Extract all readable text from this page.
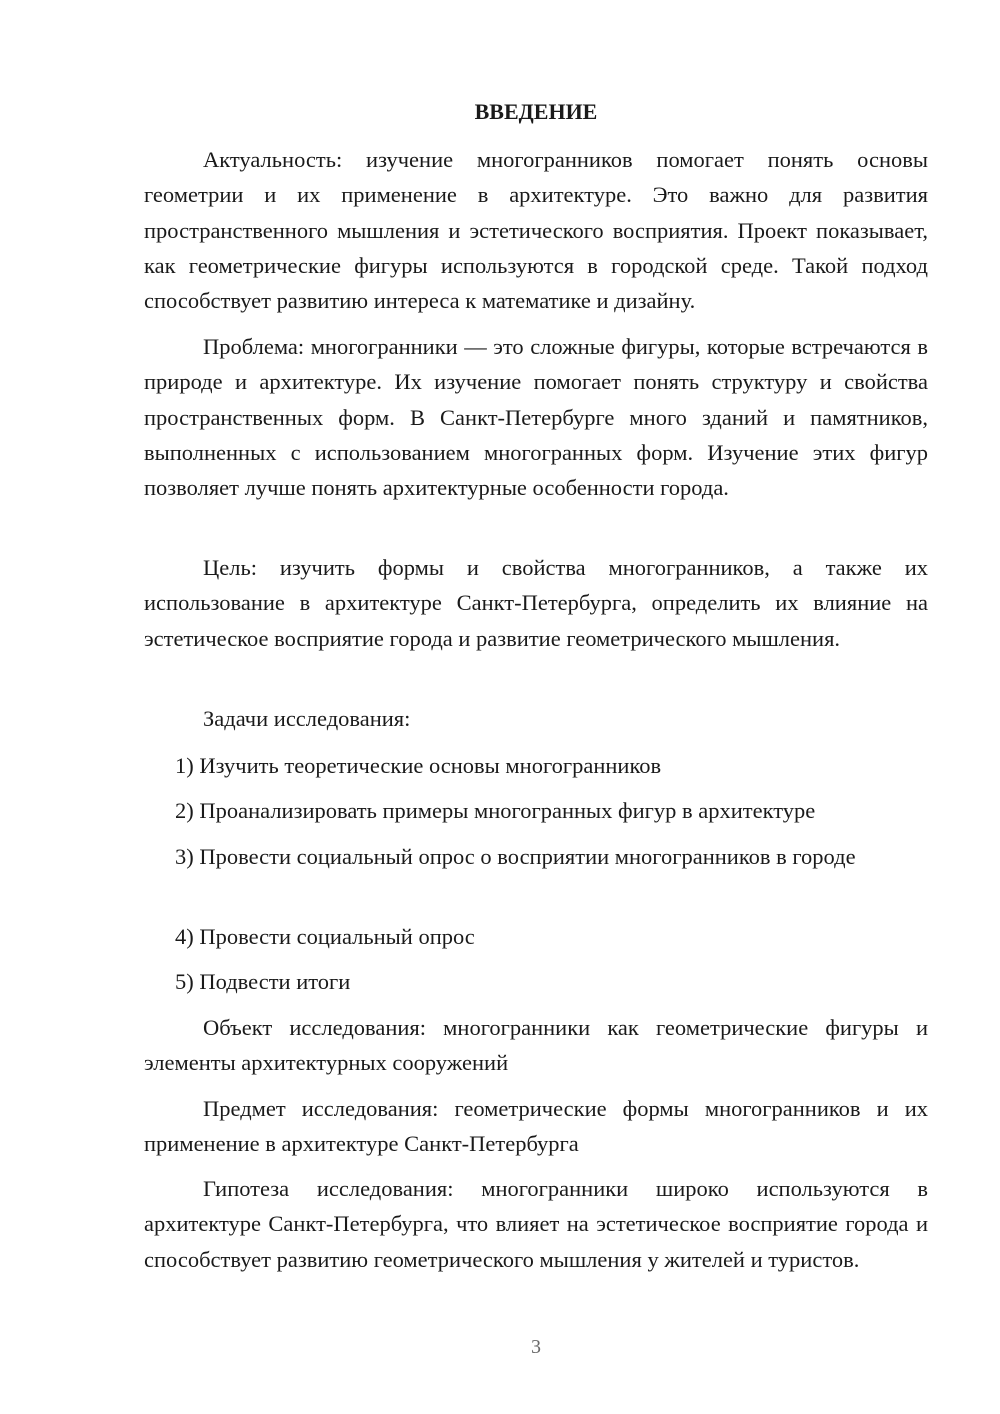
ВВЕДЕНИЕ

Актуальность: изучение многогранников помогает понять основы геометрии и их применение в архитектуре. Это важно для развития пространственного мышления и эстетического восприятия. Проект показывает, как геометрические фигуры используются в городской среде. Такой подход способствует развитию интереса к математике и дизайну.

Проблема: многогранники — это сложные фигуры, которые встречаются в природе и архитектуре. Их изучение помогает понять структуру и свойства пространственных форм. В Санкт-Петербурге много зданий и памятников, выполненных с использованием многогранных форм. Изучение этих фигур позволяет лучше понять архитектурные особенности города.

Цель: изучить формы и свойства многогранников, а также их использование в архитектуре Санкт-Петербурга, определить их влияние на эстетическое восприятие города и развитие геометрического мышления.

Задачи исследования:

1) Изучить теоретические основы многогранников

2) Проанализировать примеры многогранных фигур в архитектуре

3) Провести социальный опрос о восприятии многогранников в городе

4) Провести социальный опрос

5) Подвести итоги

Объект исследования: многогранники как геометрические фигуры и элементы архитектурных сооружений

Предмет исследования: геометрические формы многогранников и их применение в архитектуре Санкт-Петербурга

Гипотеза исследования: многогранники широко используются в архитектуре Санкт-Петербурга, что влияет на эстетическое восприятие города и способствует развитию геометрического мышления у жителей и туристов.

3
